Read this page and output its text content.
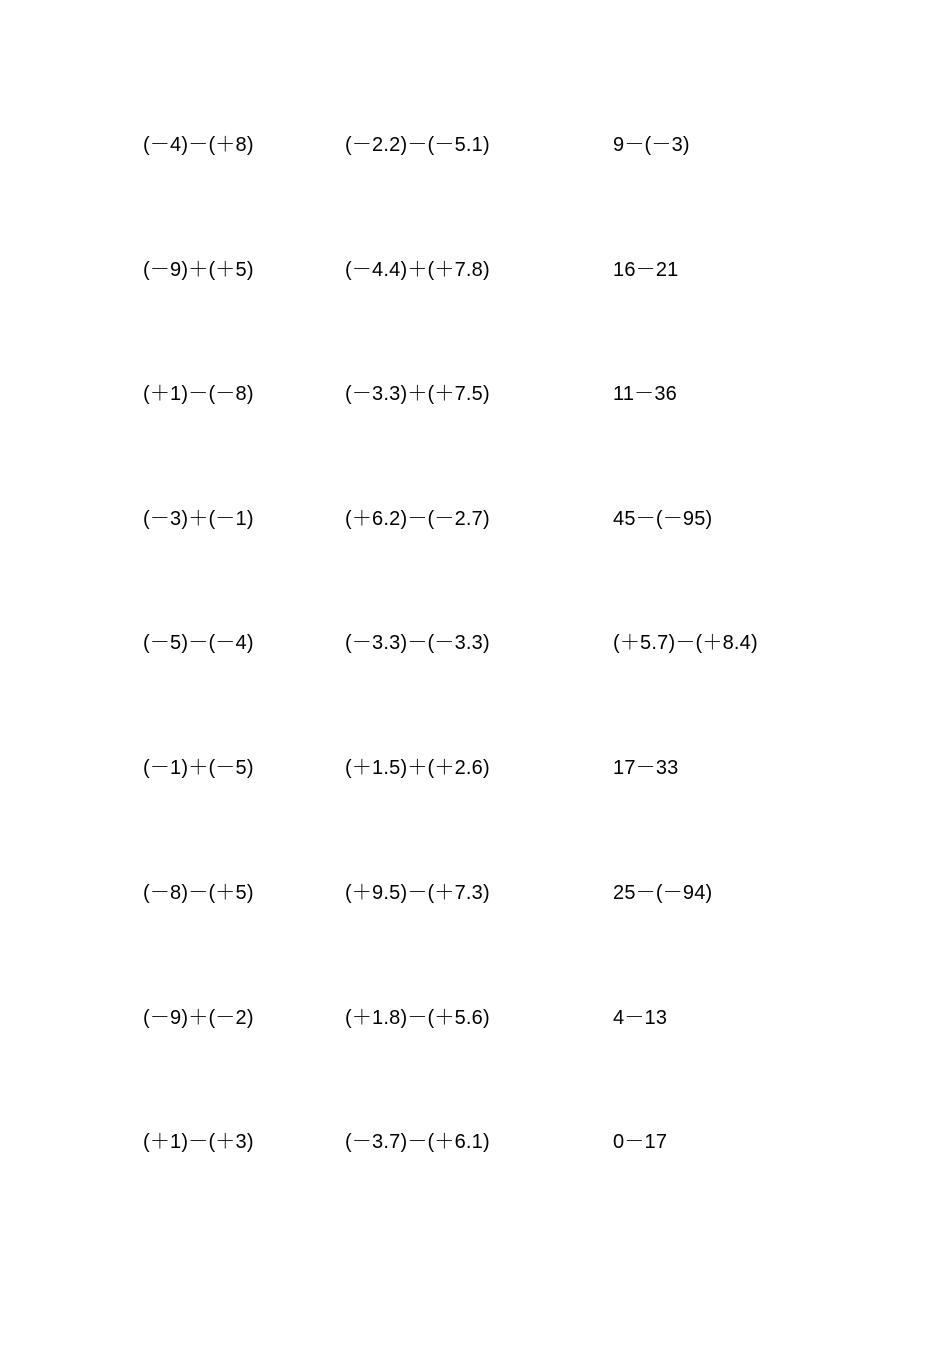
(－4)－(＋8)	(－2.2)－(－5.1)	9－(－3)
(－9)＋(＋5)	(－4.4)＋(＋7.8)	16－21
(＋1)－(－8)	(－3.3)＋(＋7.5)	11－36
(－3)＋(－1)	(＋6.2)－(－2.7)	45－(－95)
(－5)－(－4)	(－3.3)－(－3.3)	(＋5.7)－(＋8.4)
(－1)＋(－5)	(＋1.5)＋(＋2.6)	17－33
(－8)－(＋5)	(＋9.5)－(＋7.3)	25－(－94)
(－9)＋(－2)	(＋1.8)－(＋5.6)	4－13
(＋1)－(＋3)	(－3.7)－(＋6.1)	0－17
